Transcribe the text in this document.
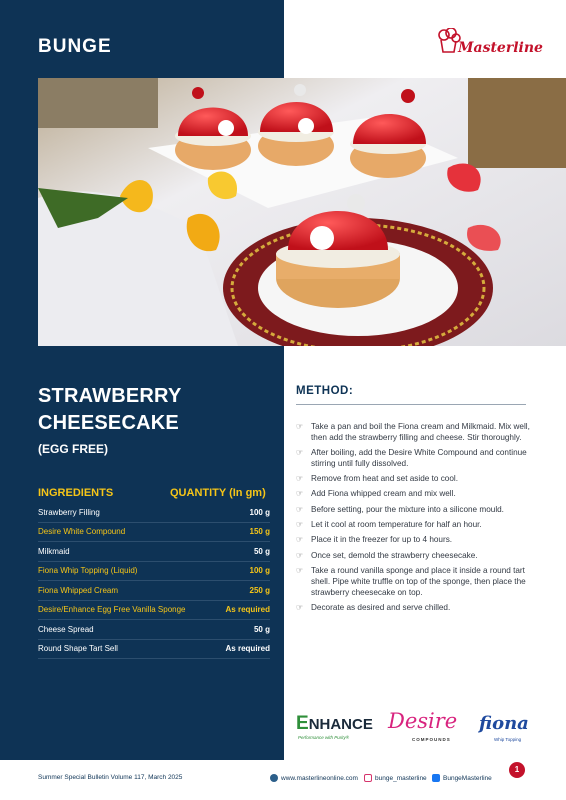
BUNGE	Masterline
STRAWBERRY
CHEESECAKE
(EGG FREE)
INGREDIENTS	QUANTITY (In gm)
Strawberry Filling	100 g
Desire White Compound	150 g
Milkmaid	50 g
Fiona Whip Topping (Liquid)	100 g
Fiona Whipped Cream	250 g
Desire/Enhance Egg Free Vanilla Sponge	As required
Cheese Spread	50 g
Round Shape Tart Sell	As required
METHOD:
☞ Take a pan and boil the Fiona cream and Milkmaid. Mix well, then add the strawberry filling and cheese. Stir thoroughly.
☞ After boiling, add the Desire White Compound and continue stirring until fully dissolved.
☞ Remove from heat and set aside to cool.
☞ Add Fiona whipped cream and mix well.
☞ Before setting, pour the mixture into a silicone mould.
☞ Let it cool at room temperature for half an hour.
☞ Place it in the freezer for up to 4 hours.
☞ Once set, demold the strawberry cheesecake.
☞ Take a round vanilla sponge and place it inside a round tart shell. Pipe white truffle on top of the sponge, then place the strawberry cheesecake on top.
☞ Decorate as desired and serve chilled.
ENHANCE
Performance with Purity®
Desire
COMPOUNDS
fiona
Whip Topping
Summer Special Bulletin Volume 117, March 2025	www.masterlineonline.com	bunge_masterline	BungeMasterline
1
